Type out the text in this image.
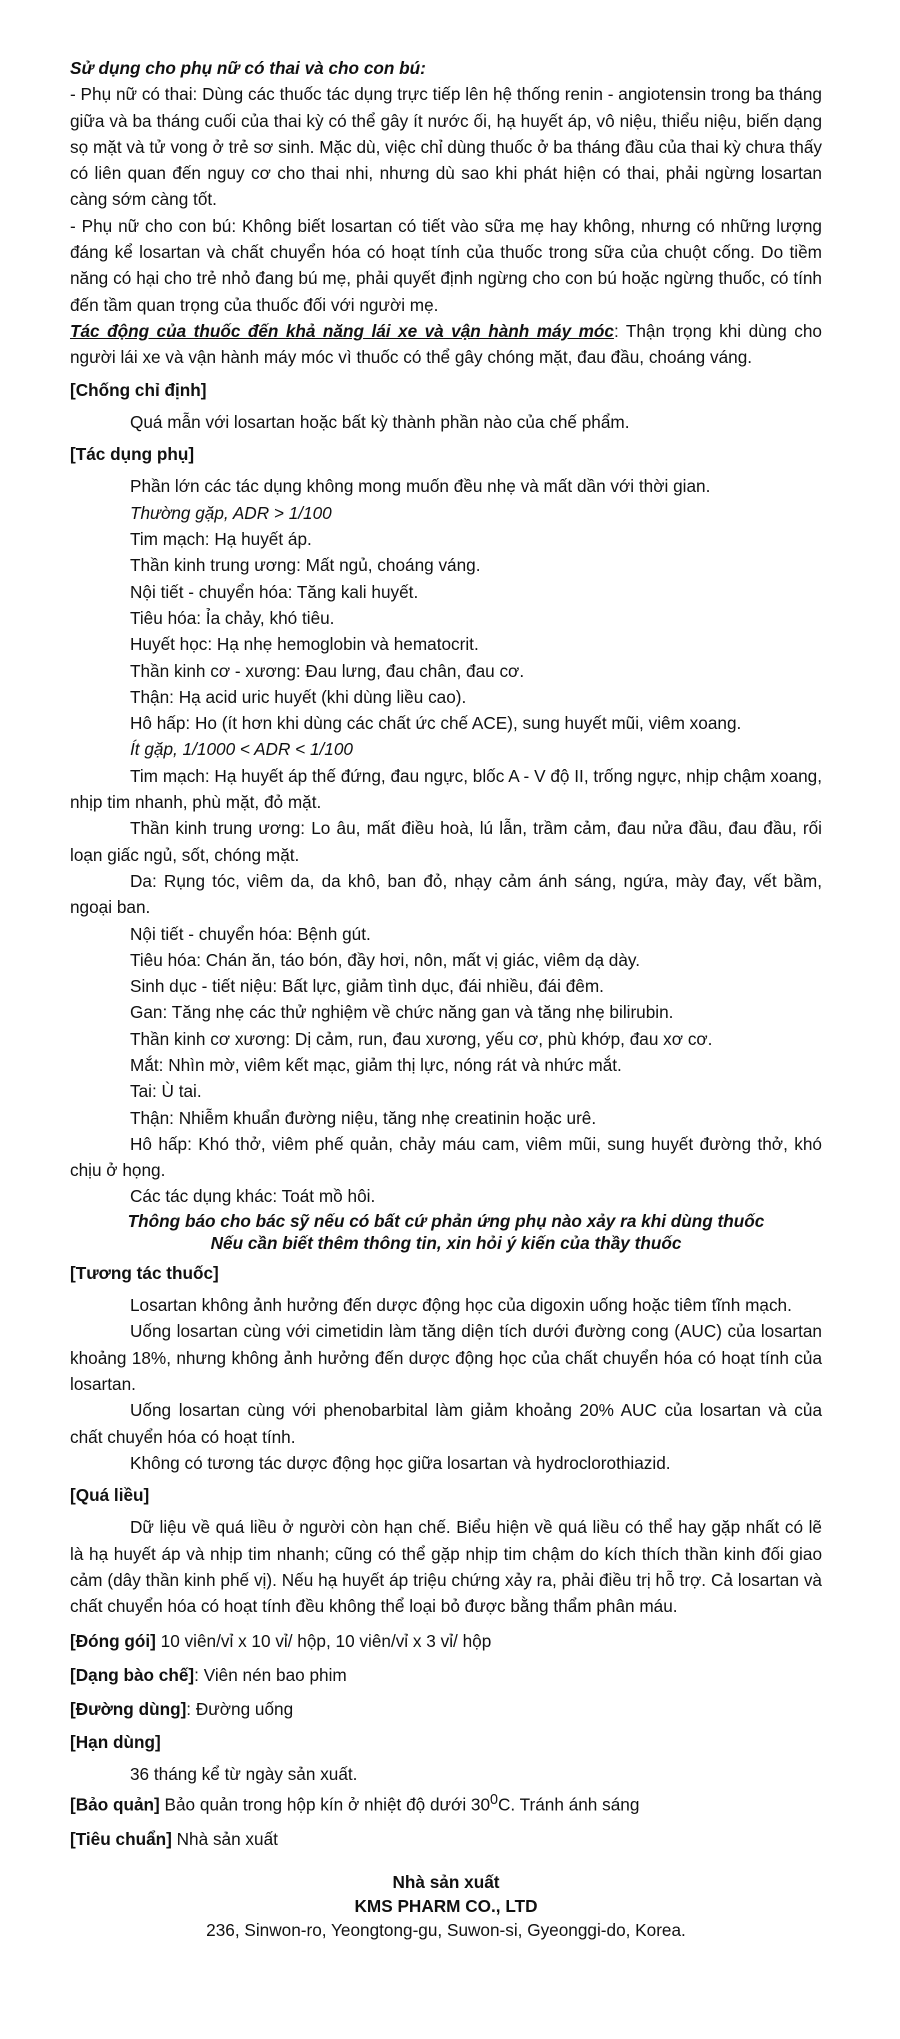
Sử dụng cho phụ nữ có thai và cho con bú:

- Phụ nữ có thai: Dùng các thuốc tác dụng trực tiếp lên hệ thống renin - angiotensin trong ba tháng giữa và ba tháng cuối của thai kỳ có thể gây ít nước ối, hạ huyết áp, vô niệu, thiểu niệu, biến dạng sọ mặt và tử vong ở trẻ sơ sinh. Mặc dù, việc chỉ dùng thuốc ở ba tháng đầu của thai kỳ chưa thấy có liên quan đến nguy cơ cho thai nhi, nhưng dù sao khi phát hiện có thai, phải ngừng losartan càng sớm càng tốt.

- Phụ nữ cho con bú: Không biết losartan có tiết vào sữa mẹ hay không, nhưng có những lượng đáng kể losartan và chất chuyển hóa có hoạt tính của thuốc trong sữa của chuột cống. Do tiềm năng có hại cho trẻ nhỏ đang bú mẹ, phải quyết định ngừng cho con bú hoặc ngừng thuốc, có tính đến tầm quan trọng của thuốc đối với người mẹ.

Tác động của thuốc đến khả năng lái xe và vận hành máy móc: Thận trọng khi dùng cho người lái xe và vận hành máy móc vì thuốc có thể gây chóng mặt, đau đầu, choáng váng.

[Chống chỉ định]

Quá mẫn với losartan hoặc bất kỳ thành phần nào của chế phẩm.

[Tác dụng phụ]

Phần lớn các tác dụng không mong muốn đều nhẹ và mất dần với thời gian.

Thường gặp, ADR > 1/100

Tim mạch: Hạ huyết áp.

Thần kinh trung ương: Mất ngủ, choáng váng.

Nội tiết - chuyển hóa: Tăng kali huyết.

Tiêu hóa: Ỉa chảy, khó tiêu.

Huyết học: Hạ nhẹ hemoglobin và hematocrit.

Thần kinh cơ - xương: Đau lưng, đau chân, đau cơ.

Thận: Hạ acid uric huyết (khi dùng liều cao).

Hô hấp: Ho (ít hơn khi dùng các chất ức chế ACE), sung huyết mũi, viêm xoang.

Ít gặp, 1/1000 < ADR < 1/100

Tim mạch: Hạ huyết áp thế đứng, đau ngực, blốc A - V độ II, trống ngực, nhịp chậm xoang, nhịp tim nhanh, phù mặt, đỏ mặt.

Thần kinh trung ương: Lo âu, mất điều hoà, lú lẫn, trầm cảm, đau nửa đầu, đau đầu, rối loạn giấc ngủ, sốt, chóng mặt.

Da: Rụng tóc, viêm da, da khô, ban đỏ, nhạy cảm ánh sáng, ngứa, mày đay, vết bầm, ngoại ban.

Nội tiết - chuyển hóa: Bệnh gút.

Tiêu hóa: Chán ăn, táo bón, đầy hơi, nôn, mất vị giác, viêm dạ dày.

Sinh dục - tiết niệu: Bất lực, giảm tình dục, đái nhiều, đái đêm.

Gan: Tăng nhẹ các thử nghiệm về chức năng gan và tăng nhẹ bilirubin.

Thần kinh cơ xương: Dị cảm, run, đau xương, yếu cơ, phù khớp, đau xơ cơ.

Mắt: Nhìn mờ, viêm kết mạc, giảm thị lực, nóng rát và nhức mắt.

Tai: Ù tai.

Thận: Nhiễm khuẩn đường niệu, tăng nhẹ creatinin hoặc urê.

Hô hấp: Khó thở, viêm phế quản, chảy máu cam, viêm mũi, sung huyết đường thở, khó chịu ở họng.

Các tác dụng khác: Toát mồ hôi.

Thông báo cho bác sỹ nếu có bất cứ phản ứng phụ nào xảy ra khi dùng thuốc

Nếu cần biết thêm thông tin, xin hỏi ý kiến của thầy thuốc

[Tương tác thuốc]

Losartan không ảnh hưởng đến dược động học của digoxin uống hoặc tiêm tĩnh mạch.

Uống losartan cùng với cimetidin làm tăng diện tích dưới đường cong (AUC) của losartan khoảng 18%, nhưng không ảnh hưởng đến dược động học của chất chuyển hóa có hoạt tính của losartan.

Uống losartan cùng với phenobarbital làm giảm khoảng 20% AUC của losartan và của chất chuyển hóa có hoạt tính.

Không có tương tác dược động học giữa losartan và hydroclorothiazid.

[Quá liều]

Dữ liệu về quá liều ở người còn hạn chế. Biểu hiện về quá liều có thể hay gặp nhất có lẽ là hạ huyết áp và nhịp tim nhanh; cũng có thể gặp nhịp tim chậm do kích thích thần kinh đối giao cảm (dây thần kinh phế vị). Nếu hạ huyết áp triệu chứng xảy ra, phải điều trị hỗ trợ. Cả losartan và chất chuyển hóa có hoạt tính đều không thể loại bỏ được bằng thẩm phân máu.

[Đóng gói] 10 viên/vỉ x 10 vỉ/ hộp, 10 viên/vỉ x 3 vỉ/ hộp

[Dạng bào chế]: Viên nén bao phim

[Đường dùng]: Đường uống

[Hạn dùng]

36 tháng kể từ ngày sản xuất.

[Bảo quản] Bảo quản trong hộp kín ở nhiệt độ dưới $30^0C$. Tránh ánh sáng

[Tiêu chuẩn] Nhà sản xuất

Nhà sản xuất
KMS PHARM CO., LTD
236, Sinwon-ro, Yeongtong-gu, Suwon-si, Gyeonggi-do, Korea.
